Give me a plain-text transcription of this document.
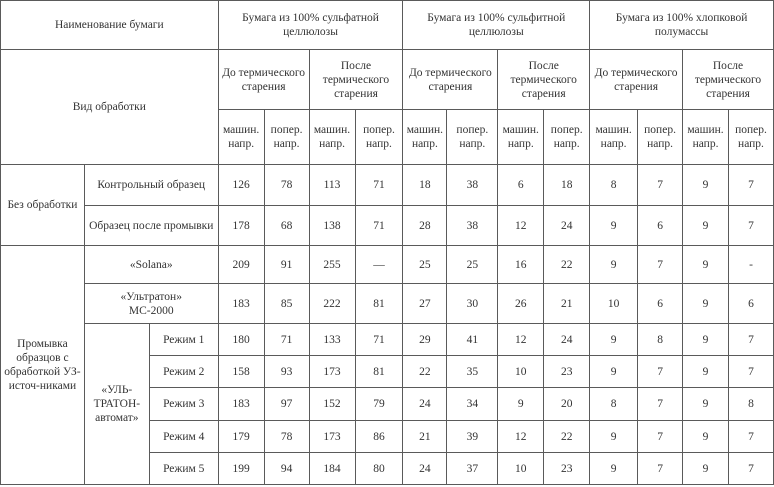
Наименование бумаги			Бумага из 100% сульфатной целлюлозы				Бумага из 100% сульфитной целлюлозы				Бумага из 100% хлопковой полумассы			
Вид обработки			До термического старения		После термического старения		До термического старения		После термического старения		До термического старения		После термического старения	
			машин. напр.	попер. напр.	машин. напр.	попер. напр.	машин. напр.	попер. напр.	машин. напр.	попер. напр.	машин. напр.	попер. напр.	машин. напр.	попер. напр.
Без обработки	Контрольный образец		126	78	113	71	18	38	6	18	8	7	9	7
	Образец после промывки		178	68	138	71	28	38	12	24	9	6	9	7
Промывка образцов с обработкой УЗ-источ-никами	«Solana»		209	91	255	—	25	25	16	22	9	7	9	-
	«Ультратон» МС-2000		183	85	222	81	27	30	26	21	10	6	9	6
	«УЛЬ-ТРАТОН-автомат»	Режим 1	180	71	133	71	29	41	12	24	9	8	9	7
		Режим 2	158	93	173	81	22	35	10	23	9	7	9	7
		Режим 3	183	97	152	79	24	34	9	20	8	7	9	8
		Режим 4	179	78	173	86	21	39	12	22	9	7	9	7
		Режим 5	199	94	184	80	24	37	10	23	9	7	9	7
